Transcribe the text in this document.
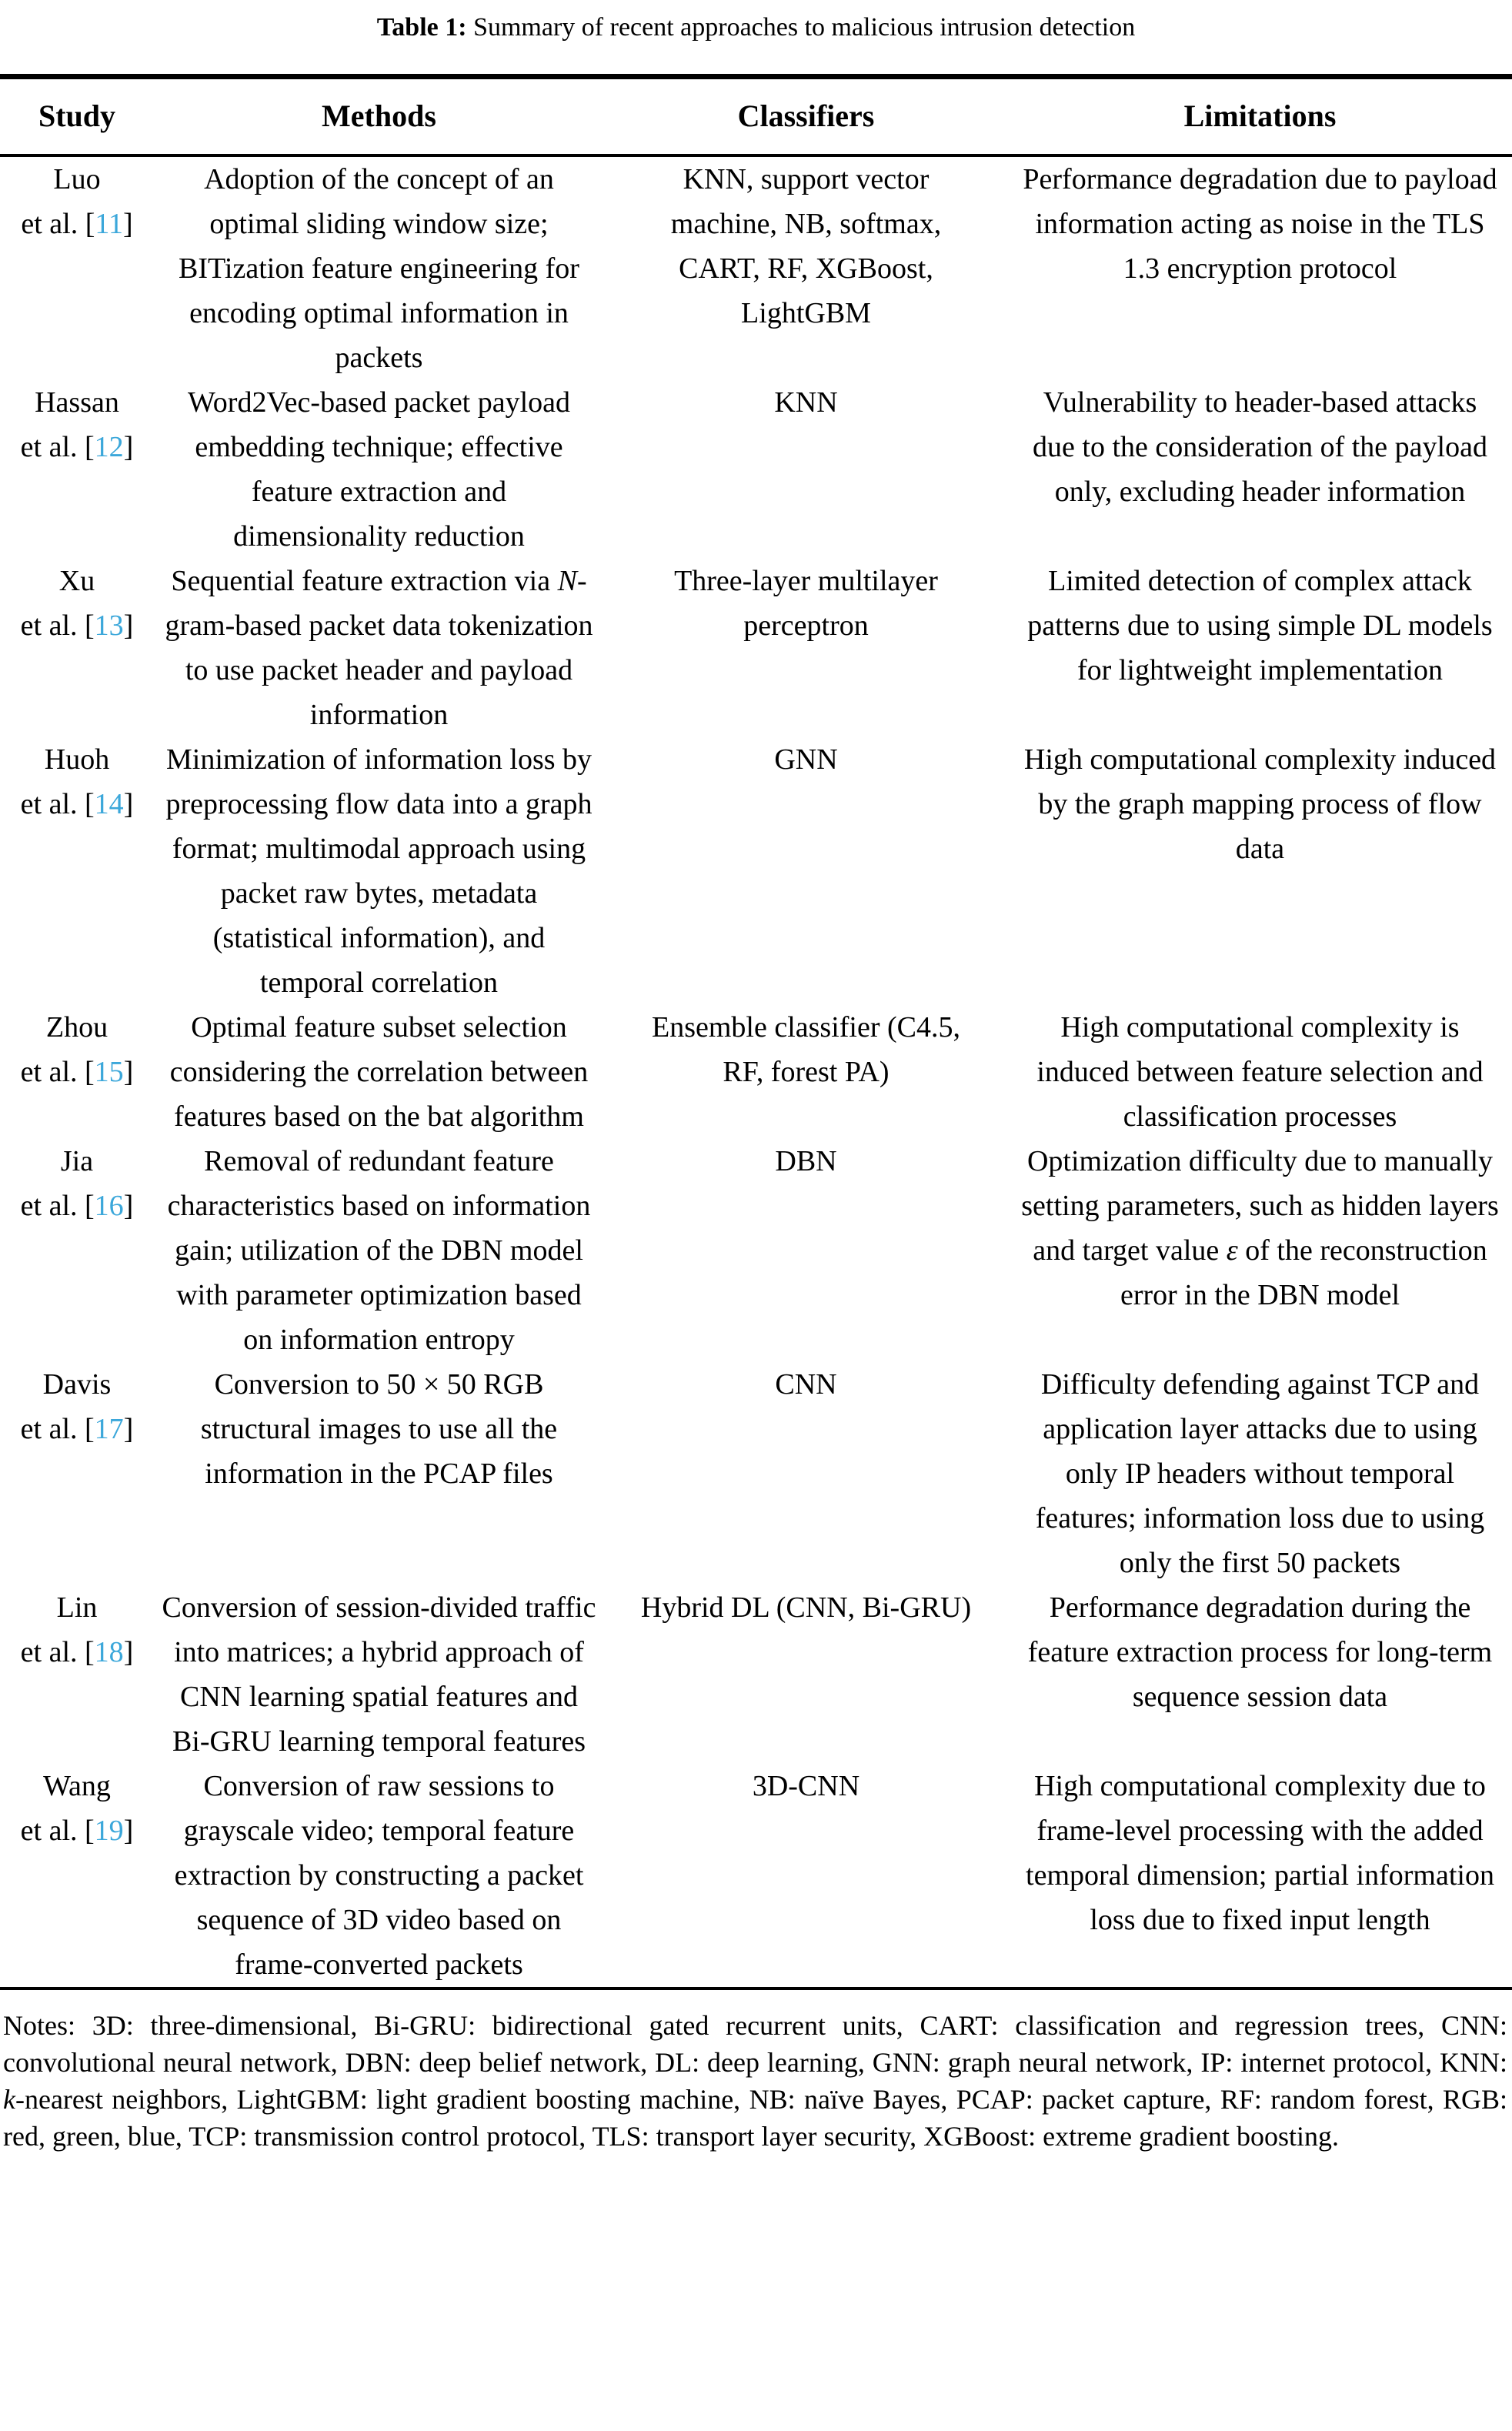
Table 1: Summary of recent approaches to malicious intrusion detection
Study	Methods	Classifiers	Limitations

Luo
et al. [11]	Adoption of the concept of an optimal sliding window size; BITization feature engineering for encoding optimal information in packets	KNN, support vector machine, NB, softmax, CART, RF, XGBoost, LightGBM	Performance degradation due to payload information acting as noise in the TLS 1.3 encryption protocol

Hassan
et al. [12]	Word2Vec-based packet payload embedding technique; effective feature extraction and dimensionality reduction	KNN	Vulnerability to header-based attacks due to the consideration of the payload only, excluding header information

Xu
et al. [13]	Sequential feature extraction via N-gram-based packet data tokenization to use packet header and payload information	Three-layer multilayer perceptron	Limited detection of complex attack patterns due to using simple DL models for lightweight implementation

Huoh
et al. [14]	Minimization of information loss by preprocessing flow data into a graph format; multimodal approach using packet raw bytes, metadata (statistical information), and temporal correlation	GNN	High computational complexity induced by the graph mapping process of flow data

Zhou
et al. [15]	Optimal feature subset selection considering the correlation between features based on the bat algorithm	Ensemble classifier (C4.5, RF, forest PA)	High computational complexity is induced between feature selection and classification processes

Jia
et al. [16]	Removal of redundant feature characteristics based on information gain; utilization of the DBN model with parameter optimization based on information entropy	DBN	Optimization difficulty due to manually setting parameters, such as hidden layers and target value ε of the reconstruction error in the DBN model

Davis
et al. [17]	Conversion to 50 × 50 RGB structural images to use all the information in the PCAP files	CNN	Difficulty defending against TCP and application layer attacks due to using only IP headers without temporal features; information loss due to using only the first 50 packets

Lin
et al. [18]	Conversion of session-divided traffic into matrices; a hybrid approach of CNN learning spatial features and Bi-GRU learning temporal features	Hybrid DL (CNN, Bi-GRU)	Performance degradation during the feature extraction process for long-term sequence session data

Wang
et al. [19]	Conversion of raw sessions to grayscale video; temporal feature extraction by constructing a packet sequence of 3D video based on frame-converted packets	3D-CNN	High computational complexity due to frame-level processing with the added temporal dimension; partial information loss due to fixed input length
Notes: 3D: three-dimensional, Bi-GRU: bidirectional gated recurrent units, CART: classification and regression trees, CNN: convolutional neural network, DBN: deep belief network, DL: deep learning, GNN: graph neural network, IP: internet protocol, KNN: k-nearest neighbors, LightGBM: light gradient boosting machine, NB: naïve Bayes, PCAP: packet capture, RF: random forest, RGB: red, green, blue, TCP: transmission control protocol, TLS: transport layer security, XGBoost: extreme gradient boosting.
